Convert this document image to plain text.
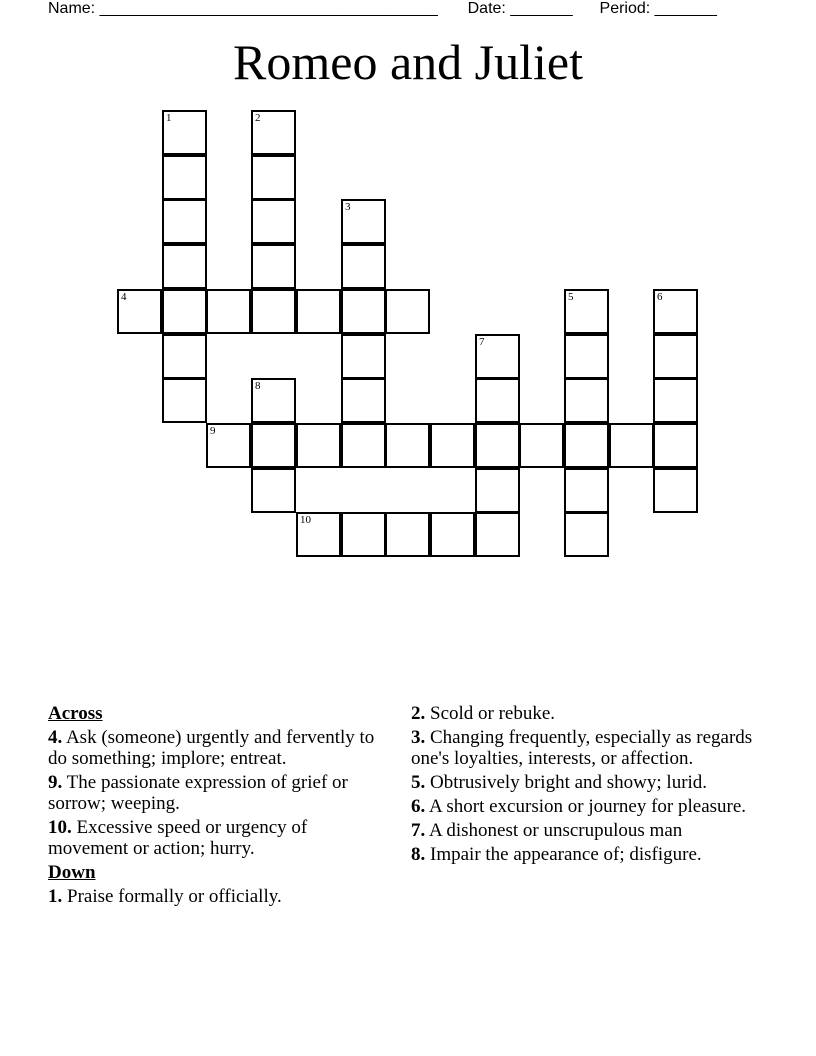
Name: ______________________________________ Date: _______ Period: _______
Romeo and Juliet
1	2
3
4	5	6
7
8
9
10
Across
4. Ask (someone) urgently and fervently to do something; implore; entreat.
9. The passionate expression of grief or sorrow; weeping.
10. Excessive speed or urgency of movement or action; hurry.
Down
1. Praise formally or officially.
2. Scold or rebuke.
3. Changing frequently, especially as regards one's loyalties, interests, or affection.
5. Obtrusively bright and showy; lurid.
6. A short excursion or journey for pleasure.
7. A dishonest or unscrupulous man
8. Impair the appearance of; disfigure.
